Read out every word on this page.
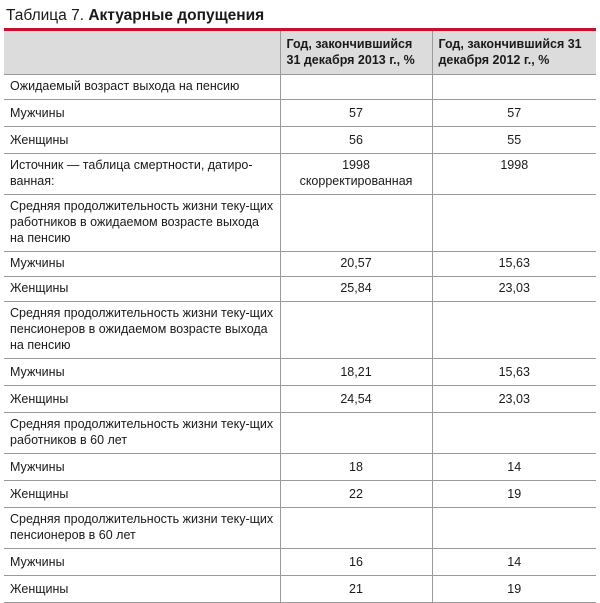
Таблица 7. Актуарные допущения
	Год, закончившийся 31 декабря 2013 г., %	Год, закончившийся 31 декабря 2012 г., %
Ожидаемый возраст выхода на пенсию		
Мужчины	57	57
Женщины	56	55
Источник — таблица смертности, датиро-ванная:	1998 скорректированная	1998
Средняя продолжительность жизни теку-щих работников в ожидаемом возрасте выхода на пенсию		
Мужчины	20,57	15,63
Женщины	25,84	23,03
Средняя продолжительность жизни теку-щих пенсионеров в ожидаемом возрасте выхода на пенсию		
Мужчины	18,21	15,63
Женщины	24,54	23,03
Средняя продолжительность жизни теку-щих работников в 60 лет		
Мужчины	18	14
Женщины	22	19
Средняя продолжительность жизни теку-щих пенсионеров в 60 лет		
Мужчины	16	14
Женщины	21	19
